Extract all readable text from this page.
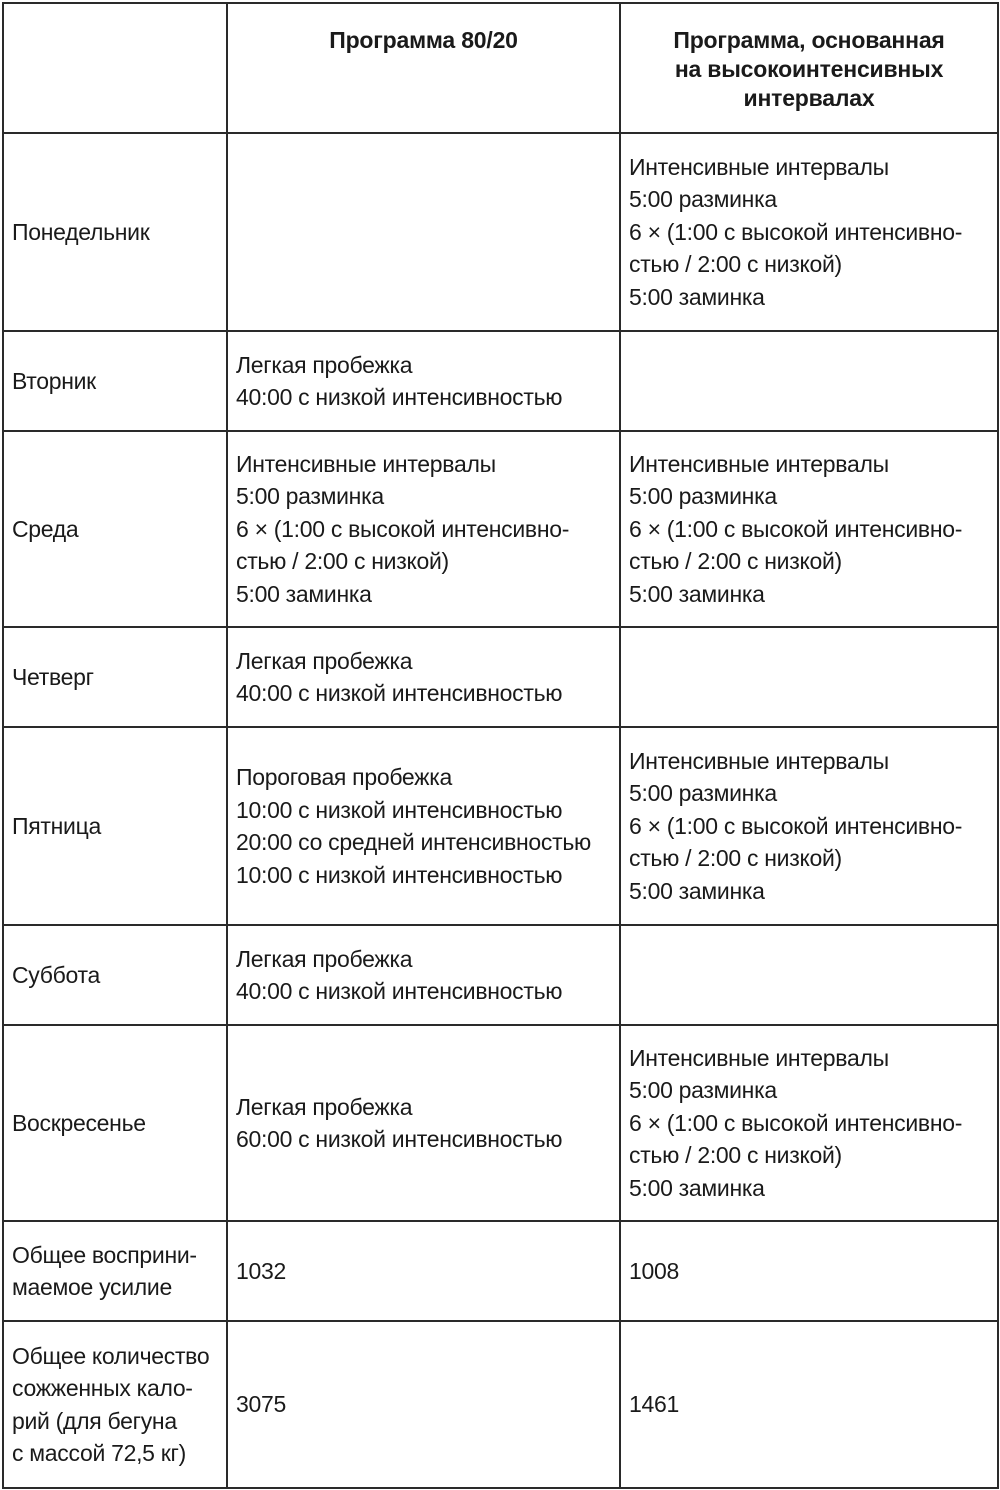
	Программа 80/20	Программа, основанная
на высокоинтенсивных
интервалах

Понедельник		Интенсивные интервалы
5:00 разминка
6 × (1:00 с высокой интенсивно-
стью / 2:00 с низкой)
5:00 заминка

Вторник	Легкая пробежка
40:00 с низкой интенсивностью	

Среда	Интенсивные интервалы
5:00 разминка
6 × (1:00 с высокой интенсивно-
стью / 2:00 с низкой)
5:00 заминка	Интенсивные интервалы
5:00 разминка
6 × (1:00 с высокой интенсивно-
стью / 2:00 с низкой)
5:00 заминка

Четверг	Легкая пробежка
40:00 с низкой интенсивностью	

Пятница	Пороговая пробежка
10:00 с низкой интенсивностью
20:00 со средней интенсивностью
10:00 с низкой интенсивностью	Интенсивные интервалы
5:00 разминка
6 × (1:00 с высокой интенсивно-
стью / 2:00 с низкой)
5:00 заминка

Суббота	Легкая пробежка
40:00 с низкой интенсивностью	

Воскресенье	Легкая пробежка
60:00 с низкой интенсивностью	Интенсивные интервалы
5:00 разминка
6 × (1:00 с высокой интенсивно-
стью / 2:00 с низкой)
5:00 заминка

Общее восприни-
маемое усилие	1032	1008

Общее количество
сожженных кало-
рий (для бегуна
с массой 72,5 кг)	3075	1461
